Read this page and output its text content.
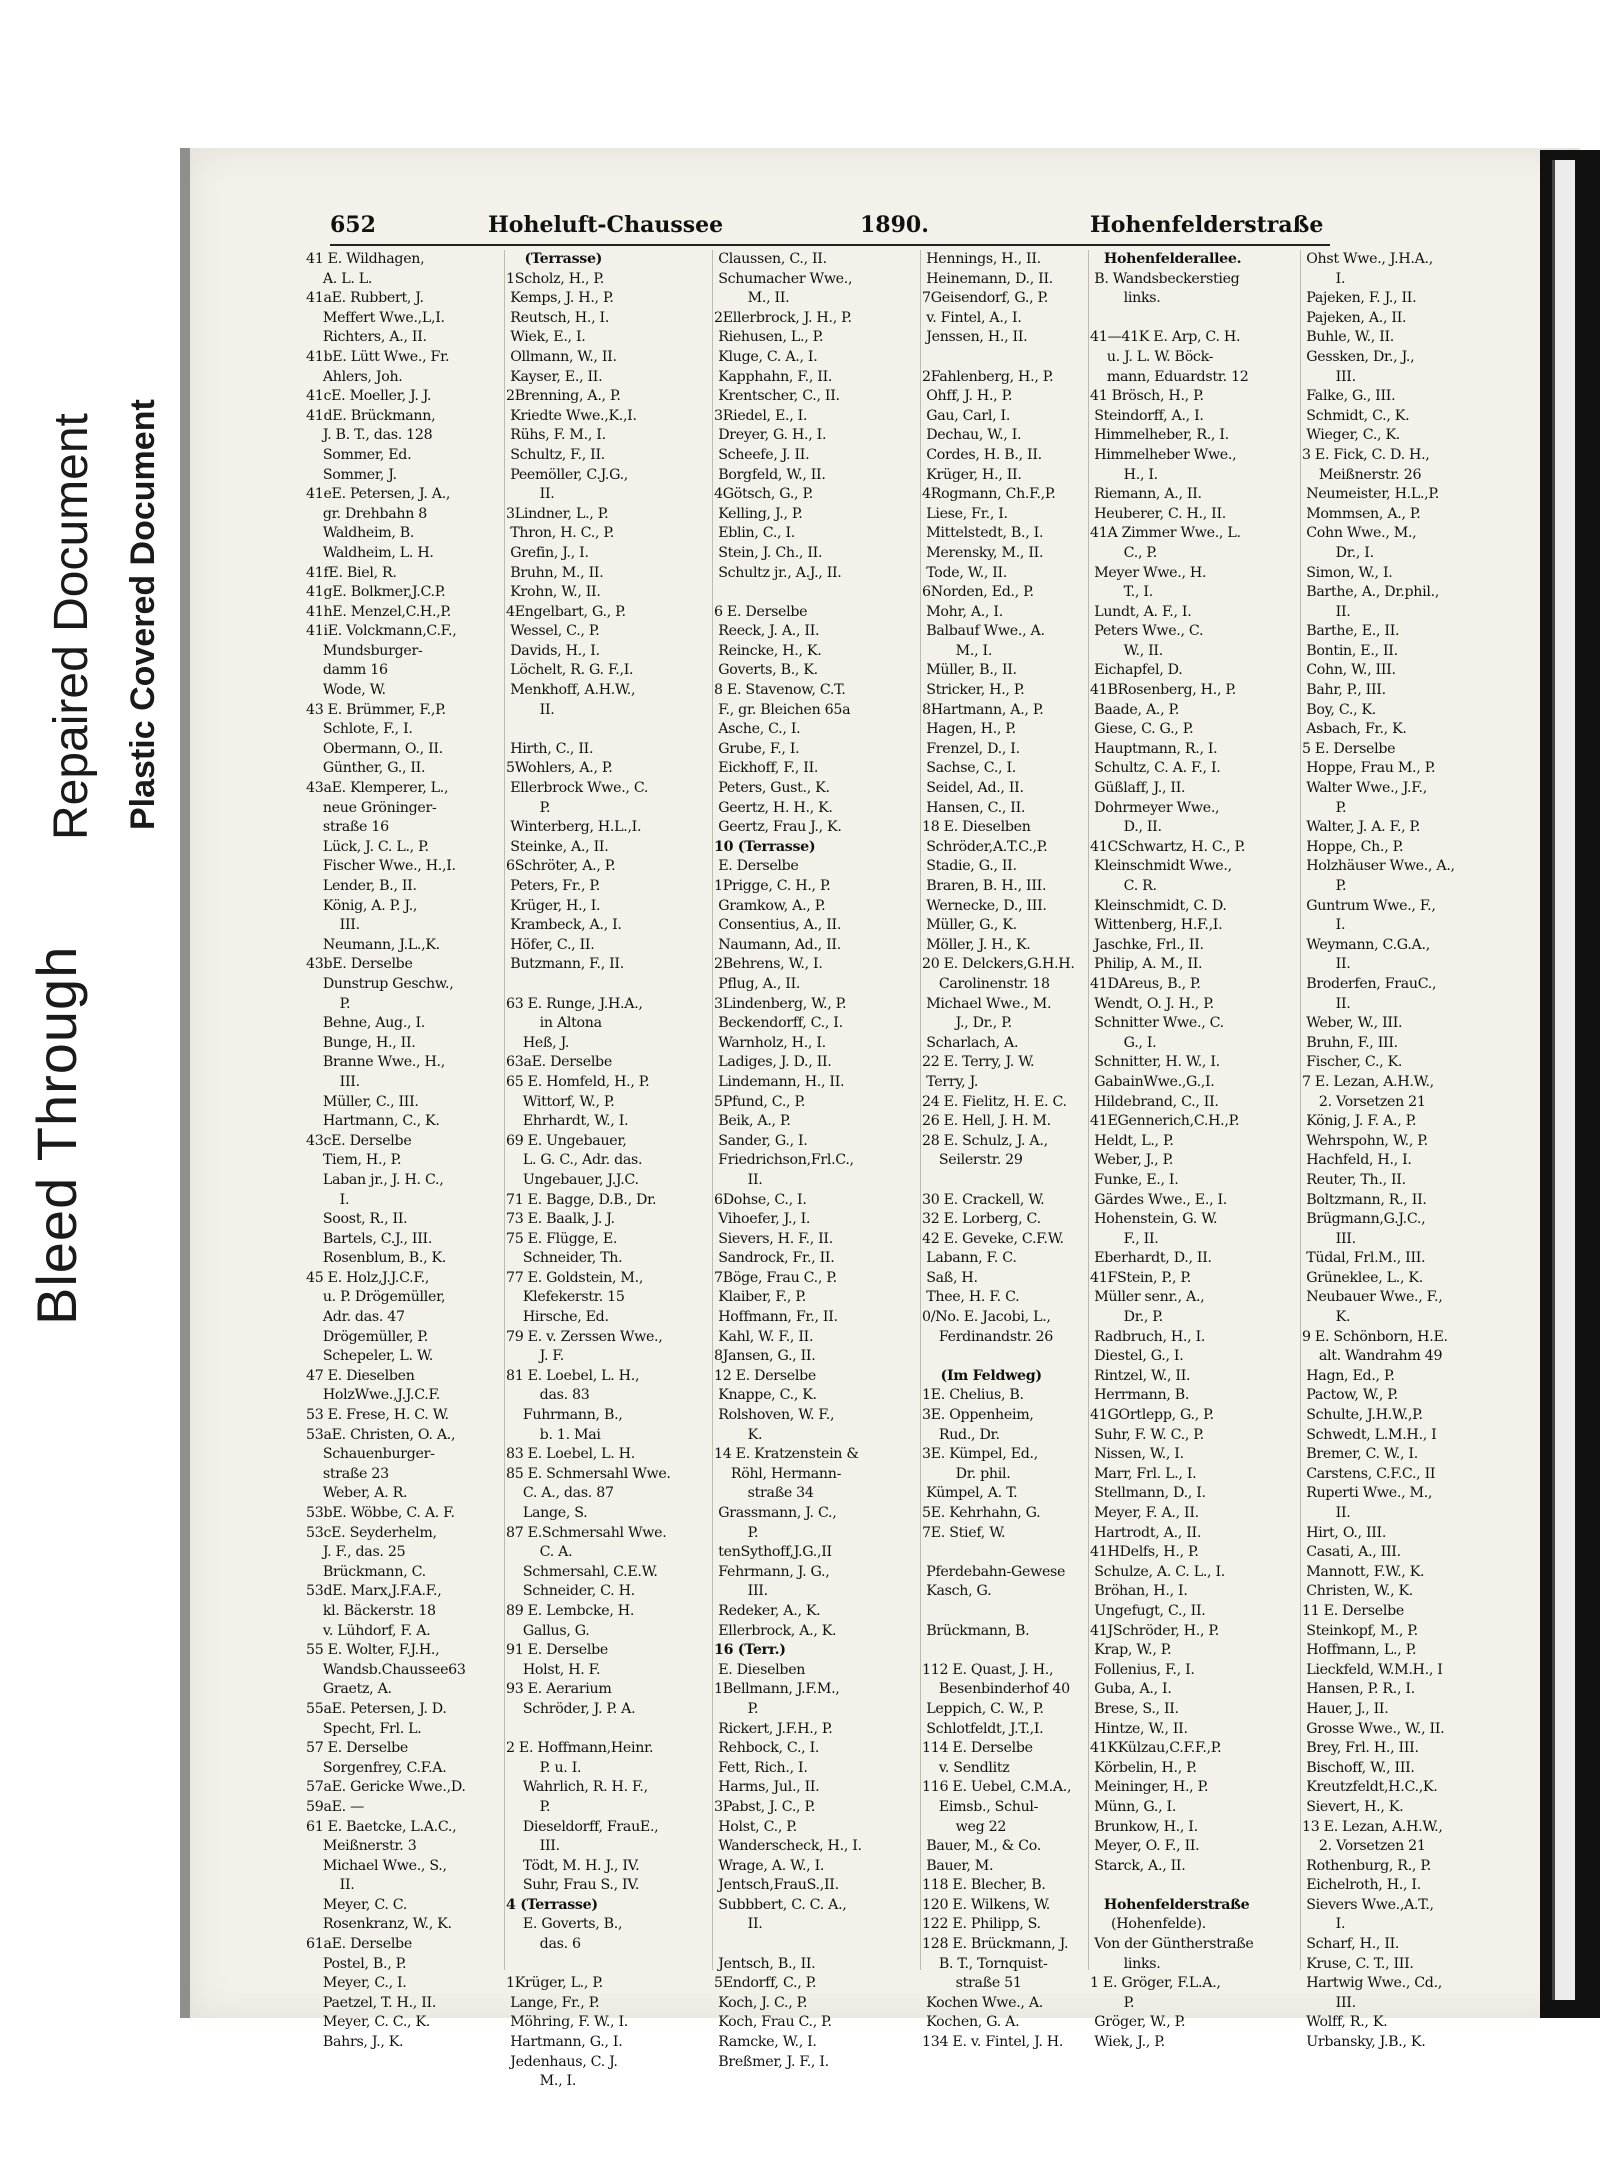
Bleed Through
Repaired Document Plastic Covered Document
652	Hoheluft-Chaussee	1890.	Hohenfelderstraße
41 E. Wildhagen,
A. L. L.
41aE. Rubbert, J.
Meffert Wwe.,L,I.
Richters, A., II.
41bE. Lütt Wwe., Fr.
Ahlers, Joh.
41cE. Moeller, J. J.
41dE. Brückmann,
J. B. T., das. 128
Sommer, Ed.
Sommer, J.
41eE. Petersen, J. A.,
gr. Drehbahn 8
Waldheim, B.
Waldheim, L. H.
41fE. Biel, R.
41gE. Bolkmer,J.C.P.
41hE. Menzel,C.H.,P.
41iE. Volckmann,C.F.,
Mundsburger-
damm 16
Wode, W.
43 E. Brümmer, F.,P.
Schlote, F., I.
Obermann, O., II.
Günther, G., II.
43aE. Klemperer, L.,
neue Gröninger-
straße 16
Lück, J. C. L., P.
Fischer Wwe., H.,I.
Lender, B., II.
König, A. P. J.,
III.
Neumann, J.L.,K.
43bE. Derselbe
Dunstrup Geschw.,
P.
Behne, Aug., I.
Bunge, H., II.
Branne Wwe., H.,
III.
Müller, C., III.
Hartmann, C., K.
43cE. Derselbe
Tiem, H., P.
Laban jr., J. H. C.,
I.
Soost, R., II.
Bartels, C.J., III.
Rosenblum, B., K.
45 E. Holz,J.J.C.F.,
u. P. Drögemüller,
Adr. das. 47
Drögemüller, P.
Schepeler, L. W.
47 E. Dieselben
HolzWwe.,J.J.C.F.
53 E. Frese, H. C. W.
53aE. Christen, O. A.,
Schauenburger-
straße 23
Weber, A. R.
53bE. Wöbbe, C. A. F.
53cE. Seyderhelm,
J. F., das. 25
Brückmann, C.
53dE. Marx,J.F.A.F.,
kl. Bäckerstr. 18
v. Lühdorf, F. A.
55 E. Wolter, F.J.H.,
Wandsb.Chaussee63
Graetz, A.
55aE. Petersen, J. D.
Specht, Frl. L.
57 E. Derselbe
Sorgenfrey, C.F.A.
57aE. Gericke Wwe.,D.
59aE. —
61 E. Baetcke, L.A.C.,
Meißnerstr. 3
Michael Wwe., S.,
II.
Meyer, C. C.
Rosenkranz, W., K.
61aE. Derselbe
Postel, B., P.
Meyer, C., I.
Paetzel, T. H., II.
Meyer, C. C., K.
Bahrs, J., K.
(Terrasse)
1Scholz, H., P.
Kemps, J. H., P.
Reutsch, H., I.
Wiek, E., I.
Ollmann, W., II.
Kayser, E., II.
2Brenning, A., P.
Kriedte Wwe.,K.,I.
Rühs, F. M., I.
Schultz, F., II.
Peemöller, C.J.G.,
II.
3Lindner, L., P.
Thron, H. C., P.
Grefin, J., I.
Bruhn, M., II.
Krohn, W., II.
4Engelbart, G., P.
Wessel, C., P.
Davids, H., I.
Löchelt, R. G. F.,I.
Menkhoff, A.H.W.,
II.
Hirth, C., II.
5Wohlers, A., P.
Ellerbrock Wwe., C.
P.
Winterberg, H.L.,I.
Steinke, A., II.
6Schröter, A., P.
Peters, Fr., P.
Krüger, H., I.
Krambeck, A., I.
Höfer, C., II.
Butzmann, F., II.
63 E. Runge, J.H.A.,
in Altona
Heß, J.
63aE. Derselbe
65 E. Homfeld, H., P.
Wittorf, W., P.
Ehrhardt, W., I.
69 E. Ungebauer,
L. G. C., Adr. das.
Ungebauer, J.J.C.
71 E. Bagge, D.B., Dr.
73 E. Baalk, J. J.
75 E. Flügge, E.
Schneider, Th.
77 E. Goldstein, M.,
Klefekerstr. 15
Hirsche, Ed.
79 E. v. Zerssen Wwe.,
J. F.
81 E. Loebel, L. H.,
das. 83
Fuhrmann, B.,
b. 1. Mai
83 E. Loebel, L. H.
85 E. Schmersahl Wwe.
C. A., das. 87
Lange, S.
87 E.Schmersahl Wwe.
C. A.
Schmersahl, C.E.W.
Schneider, C. H.
89 E. Lembcke, H.
Gallus, G.
91 E. Derselbe
Holst, H. F.
93 E. Aerarium
Schröder, J. P. A.
2 E. Hoffmann,Heinr.
P. u. I.
Wahrlich, R. H. F.,
P.
Dieseldorff, FrauE.,
III.
Tödt, M. H. J., IV.
Suhr, Frau S., IV.
4 (Terrasse)
E. Goverts, B.,
das. 6
1Krüger, L., P.
Lange, Fr., P.
Möhring, F. W., I.
Hartmann, G., I.
Jedenhaus, C. J.
M., I.
Claussen, C., II.
Schumacher Wwe.,
M., II.
2Ellerbrock, J. H., P.
Riehusen, L., P.
Kluge, C. A., I.
Kapphahn, F., II.
Krentscher, C., II.
3Riedel, E., I.
Dreyer, G. H., I.
Scheefe, J. II.
Borgfeld, W., II.
4Götsch, G., P.
Kelling, J., P.
Eblin, C., I.
Stein, J. Ch., II.
Schultz jr., A.J., II.
6 E. Derselbe
Reeck, J. A., II.
Reincke, H., K.
Goverts, B., K.
8 E. Stavenow, C.T.
F., gr. Bleichen 65a
Asche, C., I.
Grube, F., I.
Eickhoff, F., II.
Peters, Gust., K.
Geertz, H. H., K.
Geertz, Frau J., K.
10 (Terrasse)
E. Derselbe
1Prigge, C. H., P.
Gramkow, A., P.
Consentius, A., II.
Naumann, Ad., II.
2Behrens, W., I.
Pflug, A., II.
3Lindenberg, W., P.
Beckendorff, C., I.
Warnholz, H., I.
Ladiges, J. D., II.
Lindemann, H., II.
5Pfund, C., P.
Beik, A., P.
Sander, G., I.
Friedrichson,Frl.C.,
II.
6Dohse, C., I.
Vihoefer, J., I.
Sievers, H. F., II.
Sandrock, Fr., II.
7Böge, Frau C., P.
Klaiber, F., P.
Hoffmann, Fr., II.
Kahl, W. F., II.
8Jansen, G., II.
12 E. Derselbe
Knappe, C., K.
Rolshoven, W. F.,
K.
14 E. Kratzenstein &
Röhl, Hermann-
straße 34
Grassmann, J. C.,
P.
tenSythoff,J.G.,II
Fehrmann, J. G.,
III.
Redeker, A., K.
Ellerbrock, A., K.
16 (Terr.)
E. Dieselben
1Bellmann, J.F.M.,
P.
Rickert, J.F.H., P.
Rehbock, C., I.
Fett, Rich., I.
Harms, Jul., II.
3Pabst, J. C., P.
Holst, C., P.
Wanderscheck, H., I.
Wrage, A. W., I.
Jentsch,FrauS.,II.
Subbbert, C. C. A.,
II.
Jentsch, B., II.
5Endorff, C., P.
Koch, J. C., P.
Koch, Frau C., P.
Ramcke, W., I.
Breßmer, J. F., I.
Hennings, H., II.
Heinemann, D., II.
7Geisendorf, G., P.
v. Fintel, A., I.
Jenssen, H., II.
2Fahlenberg, H., P.
Ohff, J. H., P.
Gau, Carl, I.
Dechau, W., I.
Cordes, H. B., II.
Krüger, H., II.
4Rogmann, Ch.F.,P.
Liese, Fr., I.
Mittelstedt, B., I.
Merensky, M., II.
Tode, W., II.
6Norden, Ed., P.
Mohr, A., I.
Balbauf Wwe., A.
M., I.
Müller, B., II.
Stricker, H., P.
8Hartmann, A., P.
Hagen, H., P.
Frenzel, D., I.
Sachse, C., I.
Seidel, Ad., II.
Hansen, C., II.
18 E. Dieselben
Schröder,A.T.C.,P.
Stadie, G., II.
Braren, B. H., III.
Wernecke, D., III.
Müller, G., K.
Möller, J. H., K.
20 E. Delckers,G.H.H.
Carolinenstr. 18
Michael Wwe., M.
J., Dr., P.
Scharlach, A.
22 E. Terry, J. W.
Terry, J.
24 E. Fielitz, H. E. C.
26 E. Hell, J. H. M.
28 E. Schulz, J. A.,
Seilerstr. 29
30 E. Crackell, W.
32 E. Lorberg, C.
42 E. Geveke, C.F.W.
Labann, F. C.
Saß, H.
Thee, H. F. C.
0/No. E. Jacobi, L.,
Ferdinandstr. 26
(Im Feldweg)
1E. Chelius, B.
3E. Oppenheim,
Rud., Dr.
3E. Kümpel, Ed.,
Dr. phil.
Kümpel, A. T.
5E. Kehrhahn, G.
7E. Stief, W.
Pferdebahn-Gewese
Kasch, G.
Brückmann, B.
112 E. Quast, J. H.,
Besenbinderhof 40
Leppich, C. W., P.
Schlotfeldt, J.T.,I.
114 E. Derselbe
v. Sendlitz
116 E. Uebel, C.M.A.,
Eimsb., Schul-
weg 22
Bauer, M., & Co.
Bauer, M.
118 E. Blecher, B.
120 E. Wilkens, W.
122 E. Philipp, S.
128 E. Brückmann, J.
B. T., Tornquist-
straße 51
Kochen Wwe., A.
Kochen, G. A.
134 E. v. Fintel, J. H.
Hohenfelderallee.
B. Wandsbeckerstieg
links.
41—41K E. Arp, C. H.
u. J. L. W. Böck-
mann, Eduardstr. 12
41 Brösch, H., P.
Steindorff, A., I.
Himmelheber, R., I.
Himmelheber Wwe.,
H., I.
Riemann, A., II.
Heuberer, C. H., II.
41A Zimmer Wwe., L.
C., P.
Meyer Wwe., H.
T., I.
Lundt, A. F., I.
Peters Wwe., C.
W., II.
Eichapfel, D.
41BRosenberg, H., P.
Baade, A., P.
Giese, C. G., P.
Hauptmann, R., I.
Schultz, C. A. F., I.
Güßlaff, J., II.
Dohrmeyer Wwe.,
D., II.
41CSchwartz, H. C., P.
Kleinschmidt Wwe.,
C. R.
Kleinschmidt, C. D.
Wittenberg, H.F.,I.
Jaschke, Frl., II.
Philip, A. M., II.
41DAreus, B., P.
Wendt, O. J. H., P.
Schnitter Wwe., C.
G., I.
Schnitter, H. W., I.
GabainWwe.,G.,I.
Hildebrand, C., II.
41EGennerich,C.H.,P.
Heldt, L., P.
Weber, J., P.
Funke, E., I.
Gärdes Wwe., E., I.
Hohenstein, G. W.
F., II.
Eberhardt, D., II.
41FStein, P., P.
Müller senr., A.,
Dr., P.
Radbruch, H., I.
Diestel, G., I.
Rintzel, W., II.
Herrmann, B.
41GOrtlepp, G., P.
Suhr, F. W. C., P.
Nissen, W., I.
Marr, Frl. L., I.
Stellmann, D., I.
Meyer, F. A., II.
Hartrodt, A., II.
41HDelfs, H., P.
Schulze, A. C. L., I.
Bröhan, H., I.
Ungefugt, C., II.
41JSchröder, H., P.
Krap, W., P.
Follenius, F., I.
Guba, A., I.
Brese, S., II.
Hintze, W., II.
41KKülzau,C.F.F.,P.
Körbelin, H., P.
Meininger, H., P.
Münn, G., I.
Brunkow, H., I.
Meyer, O. F., II.
Starck, A., II.
Hohenfelderstraße
(Hohenfelde).
Von der Güntherstraße
links.
1 E. Gröger, F.L.A.,
P.
Gröger, W., P.
Wiek, J., P.
Ohst Wwe., J.H.A.,
I.
Pajeken, F. J., II.
Pajeken, A., II.
Buhle, W., II.
Gessken, Dr., J.,
III.
Falke, G., III.
Schmidt, C., K.
Wieger, C., K.
3 E. Fick, C. D. H.,
Meißnerstr. 26
Neumeister, H.L.,P.
Mommsen, A., P.
Cohn Wwe., M.,
Dr., I.
Simon, W., I.
Barthe, A., Dr.phil.,
II.
Barthe, E., II.
Bontin, E., II.
Cohn, W., III.
Bahr, P., III.
Boy, C., K.
Asbach, Fr., K.
5 E. Derselbe
Hoppe, Frau M., P.
Walter Wwe., J.F.,
P.
Walter, J. A. F., P.
Hoppe, Ch., P.
Holzhäuser Wwe., A.,
P.
Guntrum Wwe., F.,
I.
Weymann, C.G.A.,
II.
Broderfen, FrauC.,
II.
Weber, W., III.
Bruhn, F., III.
Fischer, C., K.
7 E. Lezan, A.H.W.,
2. Vorsetzen 21
König, J. F. A., P.
Wehrspohn, W., P.
Hachfeld, H., I.
Reuter, Th., II.
Boltzmann, R., II.
Brügmann,G.J.C.,
III.
Tüdal, Frl.M., III.
Grüneklee, L., K.
Neubauer Wwe., F.,
K.
9 E. Schönborn, H.E.
alt. Wandrahm 49
Hagn, Ed., P.
Pactow, W., P.
Schulte, J.H.W.,P.
Schwedt, L.M.H., I
Bremer, C. W., I.
Carstens, C.F.C., II
Ruperti Wwe., M.,
II.
Hirt, O., III.
Casati, A., III.
Mannott, F.W., K.
Christen, W., K.
11 E. Derselbe
Steinkopf, M., P.
Hoffmann, L., P.
Lieckfeld, W.M.H., I
Hansen, P. R., I.
Hauer, J., II.
Grosse Wwe., W., II.
Brey, Frl. H., III.
Bischoff, W., III.
Kreutzfeldt,H.C.,K.
Sievert, H., K.
13 E. Lezan, A.H.W.,
2. Vorsetzen 21
Rothenburg, R., P.
Eichelroth, H., I.
Sievers Wwe.,A.T.,
I.
Scharf, H., II.
Kruse, C. T., III.
Hartwig Wwe., Cd.,
III.
Wolff, R., K.
Urbansky, J.B., K.
